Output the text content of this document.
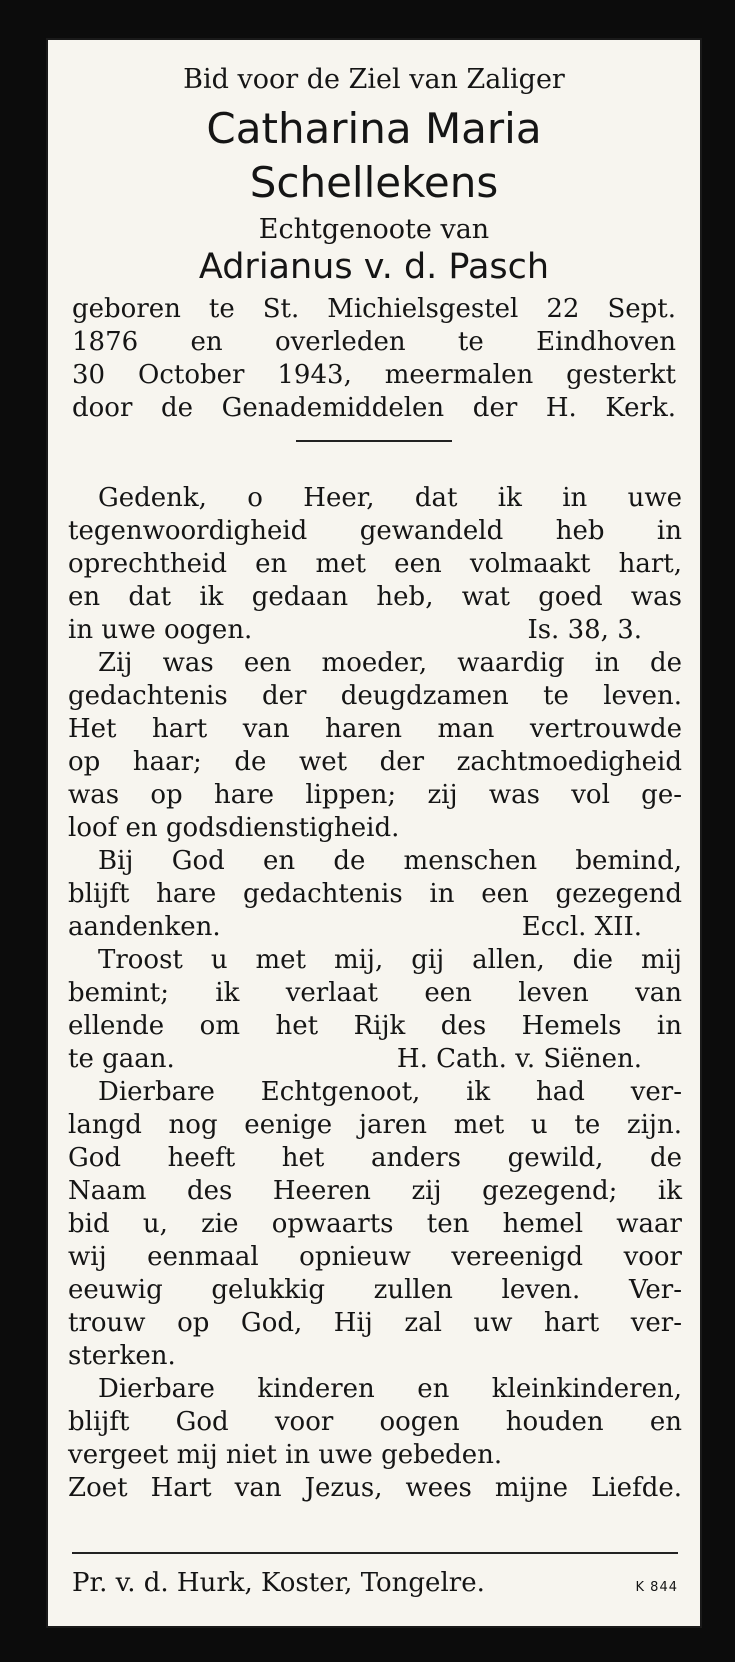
Bid voor de Ziel van Zaliger
Catharina Maria
Schellekens
Echtgenoote van
Adrianus v. d. Pasch
geboren te St. Michielsgestel 22 Sept.
1876 en overleden te Eindhoven
30 October 1943, meermalen gesterkt
door de Genademiddelen der H. Kerk.
Gedenk, o Heer, dat ik in uwe
tegenwoordigheid gewandeld heb in
oprechtheid en met een volmaakt hart,
en dat ik gedaan heb, wat goed was
in uwe oogen.	Is. 38, 3.
Zij was een moeder, waardig in de
gedachtenis der deugdzamen te leven.
Het hart van haren man vertrouwde
op haar; de wet der zachtmoedigheid
was op hare lippen; zij was vol ge-
loof en godsdienstigheid.
Bij God en de menschen bemind,
blijft hare gedachtenis in een gezegend
aandenken.	Eccl. XII.
Troost u met mij, gij allen, die mij
bemint; ik verlaat een leven van
ellende om het Rijk des Hemels in
te gaan.	H. Cath. v. Siënen.
Dierbare Echtgenoot, ik had ver-
langd nog eenige jaren met u te zijn.
God heeft het anders gewild, de
Naam des Heeren zij gezegend; ik
bid u, zie opwaarts ten hemel waar
wij eenmaal opnieuw vereenigd voor
eeuwig gelukkig zullen leven. Ver-
trouw op God, Hij zal uw hart ver-
sterken.
Dierbare kinderen en kleinkinderen,
blijft God voor oogen houden en
vergeet mij niet in uwe gebeden.
Zoet Hart van Jezus, wees mijne Liefde.
Pr. v. d. Hurk, Koster, Tongelre.	K 844
